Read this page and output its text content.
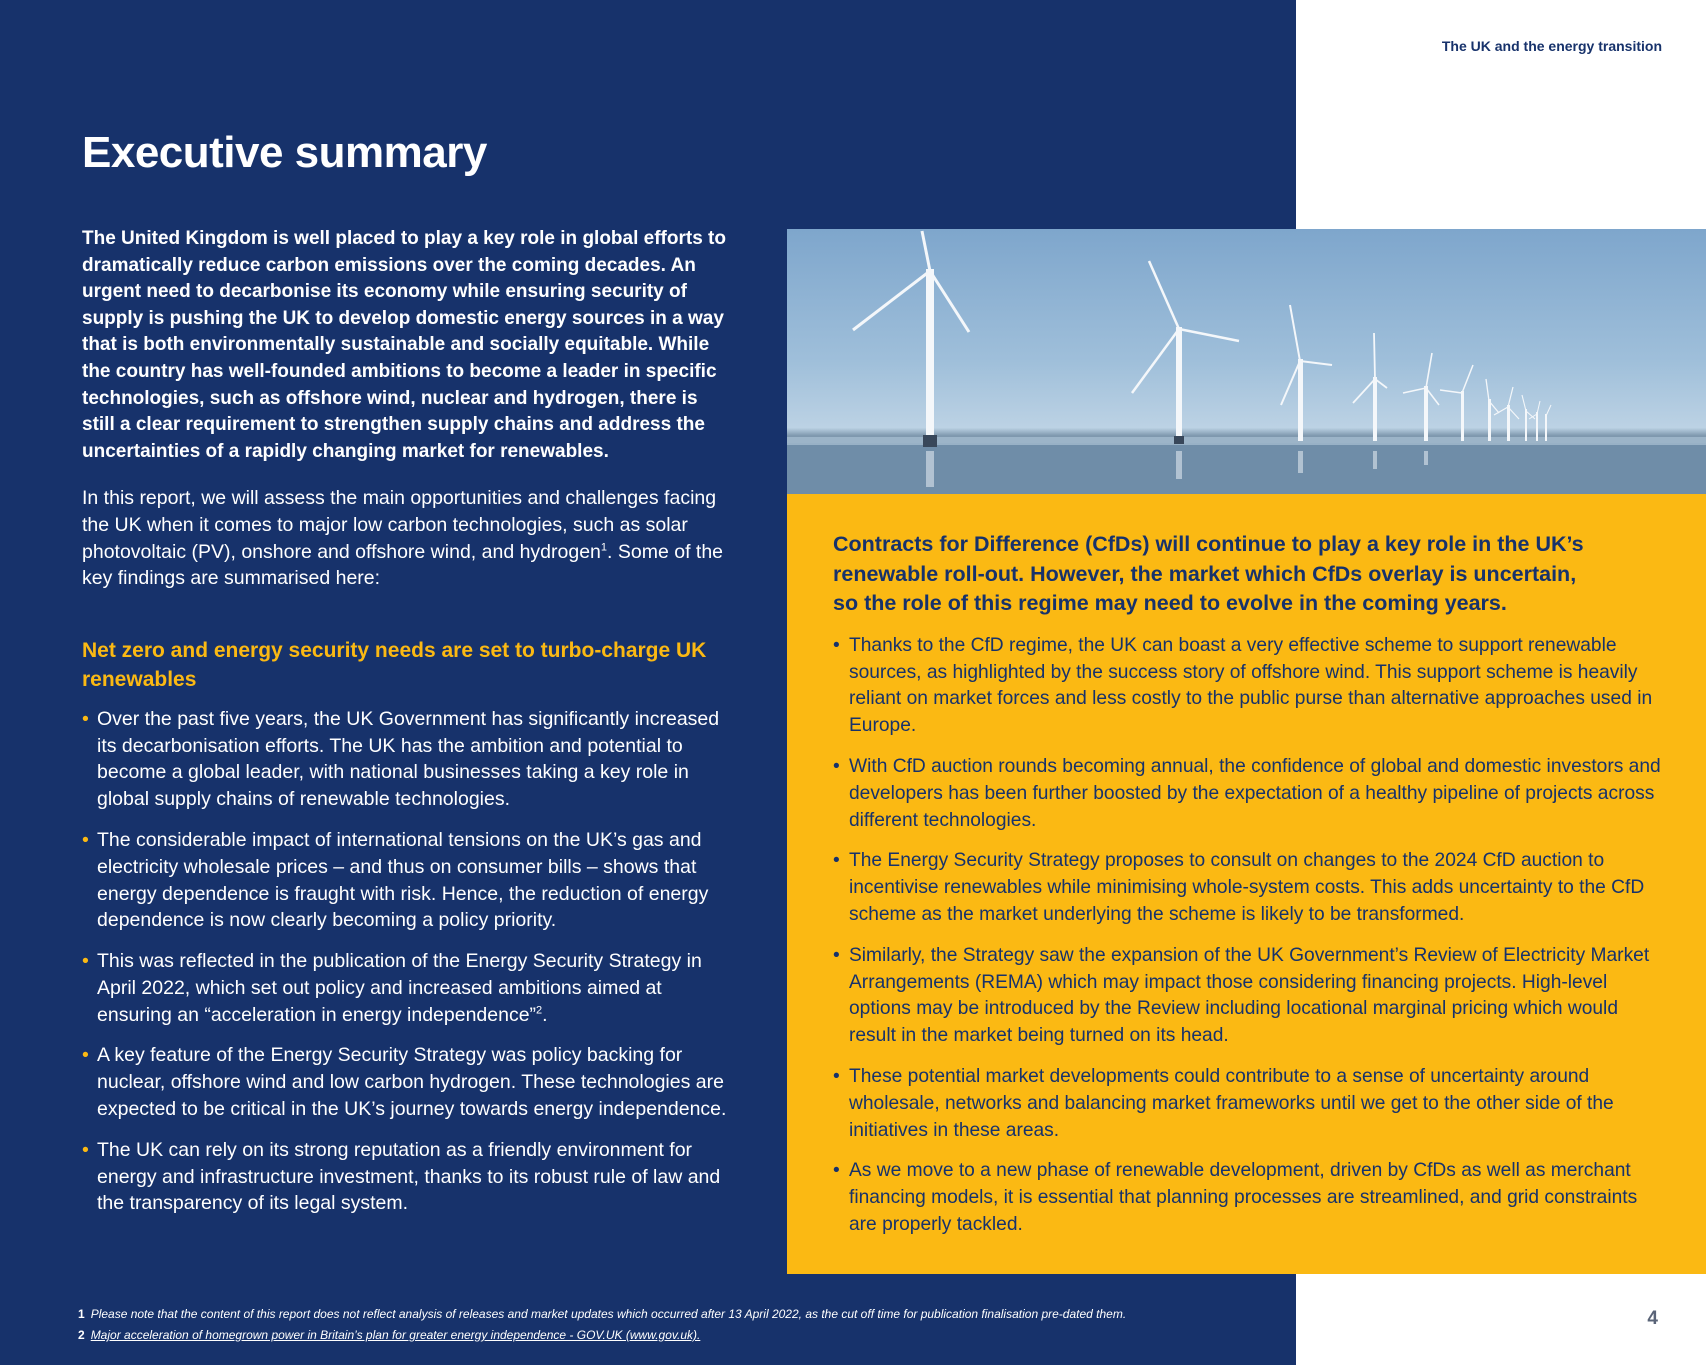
The UK and the energy transition
Executive summary

The United Kingdom is well placed to play a key role in global efforts to dramatically reduce carbon emissions over the coming decades. An urgent need to decarbonise its economy while ensuring security of supply is pushing the UK to develop domestic energy sources in a way that is both environmentally sustainable and socially equitable. While the country has well-founded ambitions to become a leader in specific technologies, such as offshore wind, nuclear and hydrogen, there is still a clear requirement to strengthen supply chains and address the uncertainties of a rapidly changing market for renewables.

In this report, we will assess the main opportunities and challenges facing the UK when it comes to major low carbon technologies, such as solar photovoltaic (PV), onshore and offshore wind, and hydrogen$^1$. Some of the key findings are summarised here:

Net zero and energy security needs are set to turbo-charge UK renewables
• Over the past five years, the UK Government has significantly increased its decarbonisation efforts. The UK has the ambition and potential to become a global leader, with national businesses taking a key role in global supply chains of renewable technologies.
• The considerable impact of international tensions on the UK’s gas and electricity wholesale prices – and thus on consumer bills – shows that energy dependence is fraught with risk. Hence, the reduction of energy dependence is now clearly becoming a policy priority.
• This was reflected in the publication of the Energy Security Strategy in April 2022, which set out policy and increased ambitions aimed at ensuring an “acceleration in energy independence”$^2$.
• A key feature of the Energy Security Strategy was policy backing for nuclear, offshore wind and low carbon hydrogen. These technologies are expected to be critical in the UK’s journey towards energy independence.
• The UK can rely on its strong reputation as a friendly environment for energy and infrastructure investment, thanks to its robust rule of law and the transparency of its legal system.
Contracts for Difference (CfDs) will continue to play a key role in the UK’s renewable roll-out. However, the market which CfDs overlay is uncertain, so the role of this regime may need to evolve in the coming years.
• Thanks to the CfD regime, the UK can boast a very effective scheme to support renewable sources, as highlighted by the success story of offshore wind. This support scheme is heavily reliant on market forces and less costly to the public purse than alternative approaches used in Europe.
• With CfD auction rounds becoming annual, the confidence of global and domestic investors and developers has been further boosted by the expectation of a healthy pipeline of projects across different technologies.
• The Energy Security Strategy proposes to consult on changes to the 2024 CfD auction to incentivise renewables while minimising whole-system costs. This adds uncertainty to the CfD scheme as the market underlying the scheme is likely to be transformed.
• Similarly, the Strategy saw the expansion of the UK Government’s Review of Electricity Market Arrangements (REMA) which may impact those considering financing projects. High-level options may be introduced by the Review including locational marginal pricing which would result in the market being turned on its head.
• These potential market developments could contribute to a sense of uncertainty around wholesale, networks and balancing market frameworks until we get to the other side of the initiatives in these areas.
• As we move to a new phase of renewable development, driven by CfDs as well as merchant financing models, it is essential that planning processes are streamlined, and grid constraints are properly tackled.
1 Please note that the content of this report does not reflect analysis of releases and market updates which occurred after 13 April 2022, as the cut off time for publication finalisation pre-dated them.
2 Major acceleration of homegrown power in Britain’s plan for greater energy independence - GOV.UK (www.gov.uk).
4
